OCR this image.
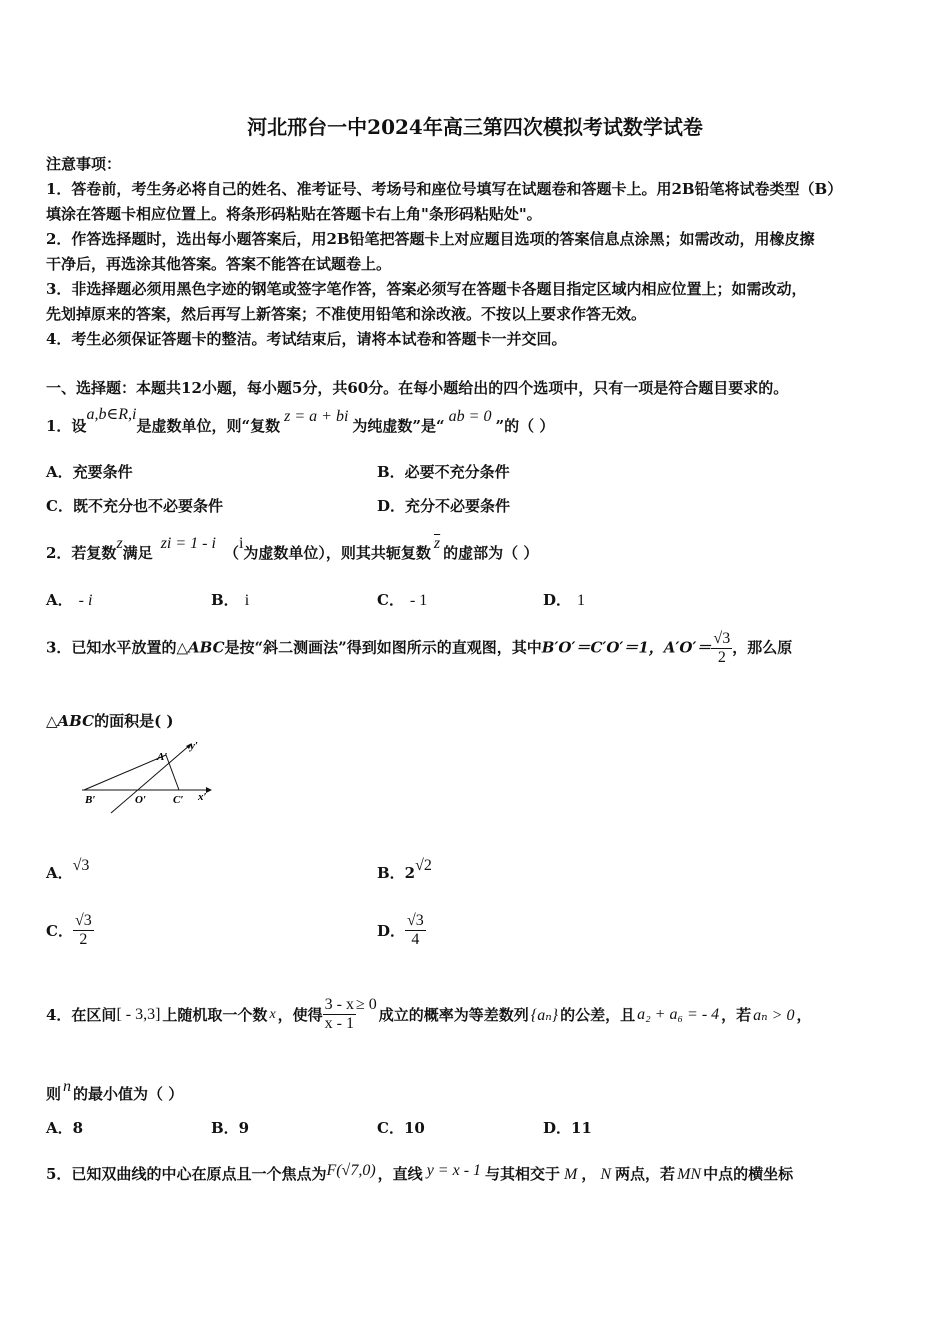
河北邢台一中2024年高三第四次模拟考试数学试卷
注意事项：
1．答卷前，考生务必将自己的姓名、准考证号、考场号和座位号填写在试题卷和答题卡上。用2B铅笔将试卷类型（B）
填涂在答题卡相应位置上。将条形码粘贴在答题卡右上角"条形码粘贴处"。
2．作答选择题时，选出每小题答案后，用2B铅笔把答题卡上对应题目选项的答案信息点涂黑；如需改动，用橡皮擦
干净后，再选涂其他答案。答案不能答在试题卷上。
3．非选择题必须用黑色字迹的钢笔或签字笔作答，答案必须写在答题卡各题目指定区域内相应位置上；如需改动，
先划掉原来的答案，然后再写上新答案；不准使用铅笔和涂改液。不按以上要求作答无效。
4．考生必须保证答题卡的整洁。考试结束后，请将本试卷和答题卡一并交回。
一、选择题：本题共12小题，每小题5分，共60分。在每小题给出的四个选项中，只有一项是符合题目要求的。
1．设a,b∈R,i是虚数单位，则“复数z = a + bi为纯虚数”是“ab = 0”的（ ）
A．充要条件	B．必要不充分条件
C．既不充分也不必要条件	D．充分不必要条件
2．若复数z满足zi = 1 - i（i为虚数单位），则其共轭复数$\overline{z}$的虚部为（ ）
A． - i	B． i	C． - 1	D． 1
3．已知水平放置的△ABC是按“斜二测画法”得到如图所示的直观图，其中B′O′＝C′O′＝1，$A'O'= \frac{√3}{2}$ ，那么原
△ABC的面积是( )
A′
y′
B′	O′ C′ x′
A．√3	B．2√2
C． $\frac{√3}{2}$	D． $\frac{√3}{4}$
4．在区间[ - 3,3] 上随机取一个数 x ，使得 $\frac{3 - x}{x - 1} \ge 0$成立的概率为等差数列 {aₙ} 的公差，且 a₂ + a₆ = - 4 ，若 aₙ > 0 ，
则 n 的最小值为（ ）
A．8	B．9	C．10	D．11
5．已知双曲线的中心在原点且一个焦点为F(√7,0) ，直线 y = x - 1 与其相交于 M ， N 两点，若 MN 中点的横坐标
